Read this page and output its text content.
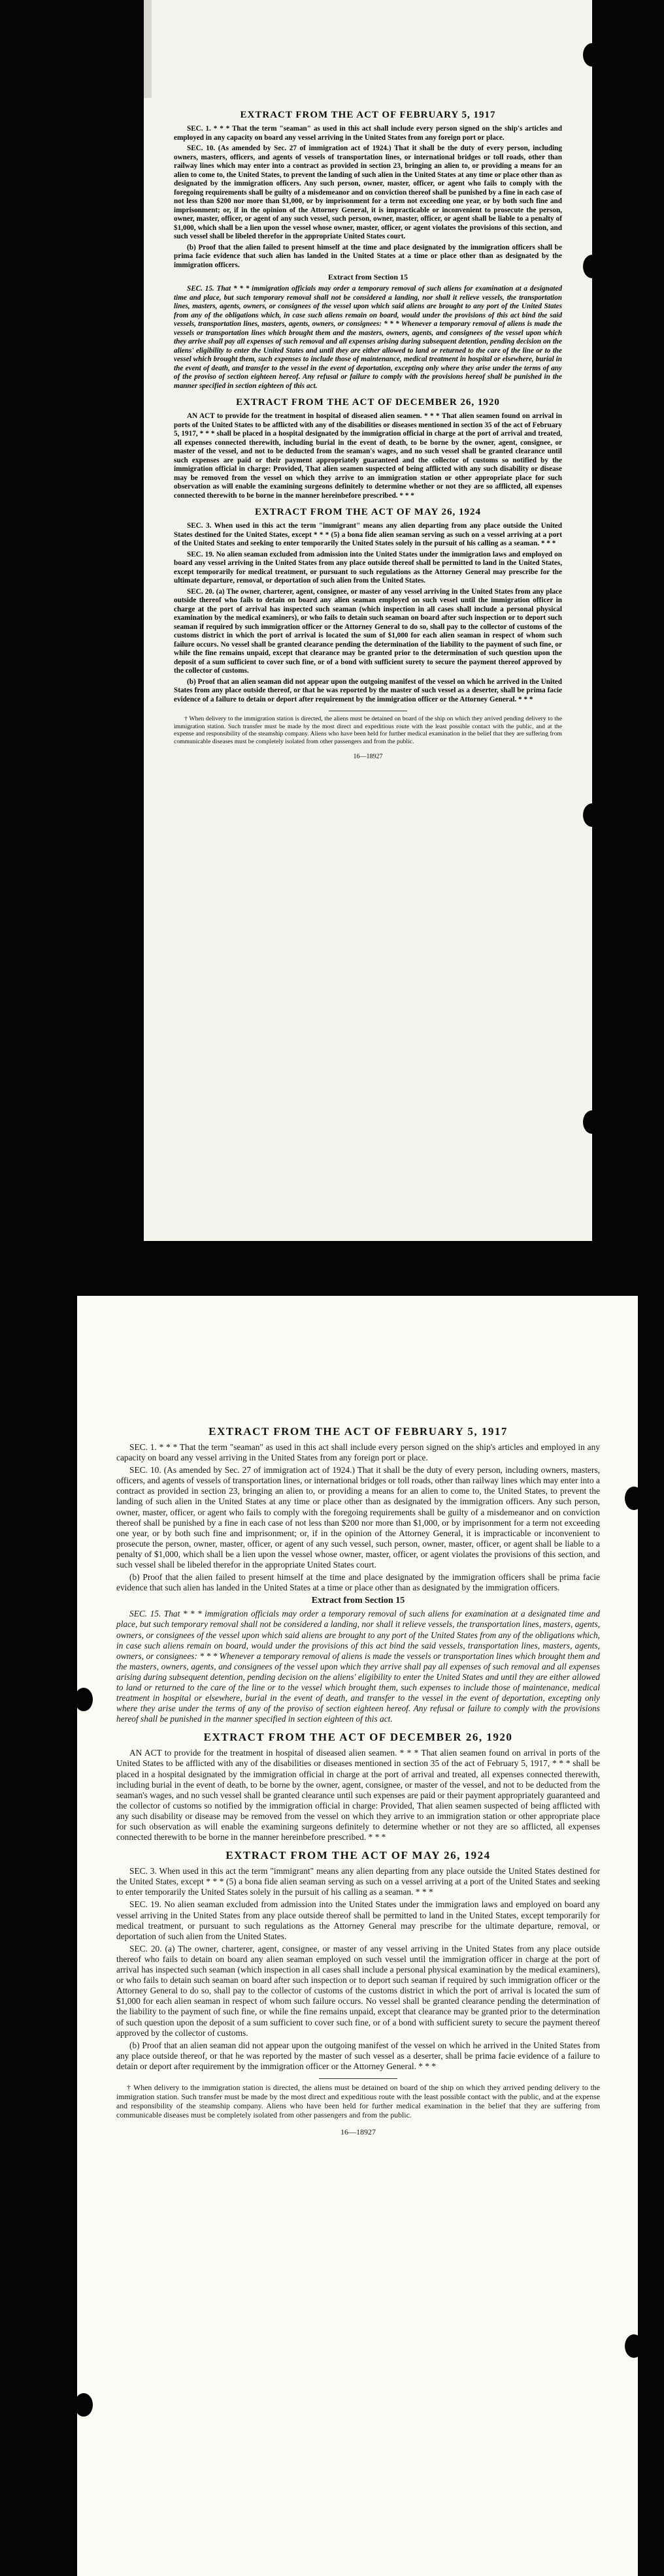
EXTRACT FROM THE ACT OF FEBRUARY 5, 1917

SEC. 1. * * * That the term "seaman" as used in this act shall include every person signed on the ship's articles and employed in any capacity on board any vessel arriving in the United States from any foreign port or place.

SEC. 10. (As amended by Sec. 27 of immigration act of 1924.) That it shall be the duty of every person, including owners, masters, officers, and agents of vessels of transportation lines, or international bridges or toll roads, other than railway lines which may enter into a contract as provided in section 23, bringing an alien to, or providing a means for an alien to come to, the United States, to prevent the landing of such alien in the United States at any time or place other than as designated by the immigration officers. Any such person, owner, master, officer, or agent who fails to comply with the foregoing requirements shall be guilty of a misdemeanor and on conviction thereof shall be punished by a fine in each case of not less than $200 nor more than $1,000, or by imprisonment for a term not exceeding one year, or by both such fine and imprisonment; or, if in the opinion of the Attorney General, it is impracticable or inconvenient to prosecute the person, owner, master, officer, or agent of any such vessel, such person, owner, master, officer, or agent shall be liable to a penalty of $1,000, which shall be a lien upon the vessel whose owner, master, officer, or agent violates the provisions of this section, and such vessel shall be libeled therefor in the appropriate United States court.

(b) Proof that the alien failed to present himself at the time and place designated by the immigration officers shall be prima facie evidence that such alien has landed in the United States at a time or place other than as designated by the immigration officers.

Extract from Section 15

SEC. 15. That * * * immigration officials may order a temporary removal of such aliens for examination at a designated time and place, but such temporary removal shall not be considered a landing, nor shall it relieve vessels, the transportation lines, masters, agents, owners, or consignees of the vessel upon which said aliens are brought to any port of the United States from any of the obligations which, in case such aliens remain on board, would under the provisions of this act bind the said vessels, transportation lines, masters, agents, owners, or consignees: * * * Whenever a temporary removal of aliens is made the vessels or transportation lines which brought them and the masters, owners, agents, and consignees of the vessel upon which they arrive shall pay all expenses of such removal and all expenses arising during subsequent detention, pending decision on the aliens' eligibility to enter the United States and until they are either allowed to land or returned to the care of the line or to the vessel which brought them, such expenses to include those of maintenance, medical treatment in hospital or elsewhere, burial in the event of death, and transfer to the vessel in the event of deportation, excepting only where they arise under the terms of any of the proviso of section eighteen hereof. Any refusal or failure to comply with the provisions hereof shall be punished in the manner specified in section eighteen of this act.

EXTRACT FROM THE ACT OF DECEMBER 26, 1920

AN ACT to provide for the treatment in hospital of diseased alien seamen. * * * That alien seamen found on arrival in ports of the United States to be afflicted with any of the disabilities or diseases mentioned in section 35 of the act of February 5, 1917, * * * shall be placed in a hospital designated by the immigration official in charge at the port of arrival and treated, all expenses connected therewith, including burial in the event of death, to be borne by the owner, agent, consignee, or master of the vessel, and not to be deducted from the seaman's wages, and no such vessel shall be granted clearance until such expenses are paid or their payment appropriately guaranteed and the collector of customs so notified by the immigration official in charge: Provided, That alien seamen suspected of being afflicted with any such disability or disease may be removed from the vessel on which they arrive to an immigration station or other appropriate place for such observation as will enable the examining surgeons definitely to determine whether or not they are so afflicted, all expenses connected therewith to be borne in the manner hereinbefore prescribed. * * *

EXTRACT FROM THE ACT OF MAY 26, 1924

SEC. 3. When used in this act the term "immigrant" means any alien departing from any place outside the United States destined for the United States, except * * * (5) a bona fide alien seaman serving as such on a vessel arriving at a port of the United States and seeking to enter temporarily the United States solely in the pursuit of his calling as a seaman. * * *

SEC. 19. No alien seaman excluded from admission into the United States under the immigration laws and employed on board any vessel arriving in the United States from any place outside thereof shall be permitted to land in the United States, except temporarily for medical treatment, or pursuant to such regulations as the Attorney General may prescribe for the ultimate departure, removal, or deportation of such alien from the United States.

SEC. 20. (a) The owner, charterer, agent, consignee, or master of any vessel arriving in the United States from any place outside thereof who fails to detain on board any alien seaman employed on such vessel until the immigration officer in charge at the port of arrival has inspected such seaman (which inspection in all cases shall include a personal physical examination by the medical examiners), or who fails to detain such seaman on board after such inspection or to deport such seaman if required by such immigration officer or the Attorney General to do so, shall pay to the collector of customs of the customs district in which the port of arrival is located the sum of $1,000 for each alien seaman in respect of whom such failure occurs. No vessel shall be granted clearance pending the determination of the liability to the payment of such fine, or while the fine remains unpaid, except that clearance may be granted prior to the determination of such question upon the deposit of a sum sufficient to cover such fine, or of a bond with sufficient surety to secure the payment thereof approved by the collector of customs.

(b) Proof that an alien seaman did not appear upon the outgoing manifest of the vessel on which he arrived in the United States from any place outside thereof, or that he was reported by the master of such vessel as a deserter, shall be prima facie evidence of a failure to detain or deport after requirement by the immigration officer or the Attorney General. * * *

† When delivery to the immigration station is directed, the aliens must be detained on board of the ship on which they arrived pending delivery to the immigration station. Such transfer must be made by the most direct and expeditious route with the least possible contact with the public, and at the expense and responsibility of the steamship company. Aliens who have been held for further medical examination in the belief that they are suffering from communicable diseases must be completely isolated from other passengers and from the public.

16—18927
EXTRACT FROM THE ACT OF FEBRUARY 5, 1917

SEC. 1. * * * That the term "seaman" as used in this act shall include every person signed on the ship's articles and employed in any capacity on board any vessel arriving in the United States from any foreign port or place.

SEC. 10. (As amended by Sec. 27 of immigration act of 1924.) That it shall be the duty of every person, including owners, masters, officers, and agents of vessels of transportation lines, or international bridges or toll roads, other than railway lines which may enter into a contract as provided in section 23, bringing an alien to, or providing a means for an alien to come to, the United States, to prevent the landing of such alien in the United States at any time or place other than as designated by the immigration officers. Any such person, owner, master, officer, or agent who fails to comply with the foregoing requirements shall be guilty of a misdemeanor and on conviction thereof shall be punished by a fine in each case of not less than $200 nor more than $1,000, or by imprisonment for a term not exceeding one year, or by both such fine and imprisonment; or, if in the opinion of the Attorney General, it is impracticable or inconvenient to prosecute the person, owner, master, officer, or agent of any such vessel, such person, owner, master, officer, or agent shall be liable to a penalty of $1,000, which shall be a lien upon the vessel whose owner, master, officer, or agent violates the provisions of this section, and such vessel shall be libeled therefor in the appropriate United States court.

(b) Proof that the alien failed to present himself at the time and place designated by the immigration officers shall be prima facie evidence that such alien has landed in the United States at a time or place other than as designated by the immigration officers.

Extract from Section 15

SEC. 15. That * * * immigration officials may order a temporary removal of such aliens for examination at a designated time and place, but such temporary removal shall not be considered a landing, nor shall it relieve vessels, the transportation lines, masters, agents, owners, or consignees of the vessel upon which said aliens are brought to any port of the United States from any of the obligations which, in case such aliens remain on board, would under the provisions of this act bind the said vessels, transportation lines, masters, agents, owners, or consignees: * * * Whenever a temporary removal of aliens is made the vessels or transportation lines which brought them and the masters, owners, agents, and consignees of the vessel upon which they arrive shall pay all expenses of such removal and all expenses arising during subsequent detention, pending decision on the aliens' eligibility to enter the United States and until they are either allowed to land or returned to the care of the line or to the vessel which brought them, such expenses to include those of maintenance, medical treatment in hospital or elsewhere, burial in the event of death, and transfer to the vessel in the event of deportation, excepting only where they arise under the terms of any of the proviso of section eighteen hereof. Any refusal or failure to comply with the provisions hereof shall be punished in the manner specified in section eighteen of this act.

EXTRACT FROM THE ACT OF DECEMBER 26, 1920

AN ACT to provide for the treatment in hospital of diseased alien seamen. * * * That alien seamen found on arrival in ports of the United States to be afflicted with any of the disabilities or diseases mentioned in section 35 of the act of February 5, 1917, * * * shall be placed in a hospital designated by the immigration official in charge at the port of arrival and treated, all expenses connected therewith, including burial in the event of death, to be borne by the owner, agent, consignee, or master of the vessel, and not to be deducted from the seaman's wages, and no such vessel shall be granted clearance until such expenses are paid or their payment appropriately guaranteed and the collector of customs so notified by the immigration official in charge: Provided, That alien seamen suspected of being afflicted with any such disability or disease may be removed from the vessel on which they arrive to an immigration station or other appropriate place for such observation as will enable the examining surgeons definitely to determine whether or not they are so afflicted, all expenses connected therewith to be borne in the manner hereinbefore prescribed. * * *

EXTRACT FROM THE ACT OF MAY 26, 1924

SEC. 3. When used in this act the term "immigrant" means any alien departing from any place outside the United States destined for the United States, except * * * (5) a bona fide alien seaman serving as such on a vessel arriving at a port of the United States and seeking to enter temporarily the United States solely in the pursuit of his calling as a seaman. * * *

SEC. 19. No alien seaman excluded from admission into the United States under the immigration laws and employed on board any vessel arriving in the United States from any place outside thereof shall be permitted to land in the United States, except temporarily for medical treatment, or pursuant to such regulations as the Attorney General may prescribe for the ultimate departure, removal, or deportation of such alien from the United States.

SEC. 20. (a) The owner, charterer, agent, consignee, or master of any vessel arriving in the United States from any place outside thereof who fails to detain on board any alien seaman employed on such vessel until the immigration officer in charge at the port of arrival has inspected such seaman (which inspection in all cases shall include a personal physical examination by the medical examiners), or who fails to detain such seaman on board after such inspection or to deport such seaman if required by such immigration officer or the Attorney General to do so, shall pay to the collector of customs of the customs district in which the port of arrival is located the sum of $1,000 for each alien seaman in respect of whom such failure occurs. No vessel shall be granted clearance pending the determination of the liability to the payment of such fine, or while the fine remains unpaid, except that clearance may be granted prior to the determination of such question upon the deposit of a sum sufficient to cover such fine, or of a bond with sufficient surety to secure the payment thereof approved by the collector of customs.

(b) Proof that an alien seaman did not appear upon the outgoing manifest of the vessel on which he arrived in the United States from any place outside thereof, or that he was reported by the master of such vessel as a deserter, shall be prima facie evidence of a failure to detain or deport after requirement by the immigration officer or the Attorney General. * * *

† When delivery to the immigration station is directed, the aliens must be detained on board of the ship on which they arrived pending delivery to the immigration station. Such transfer must be made by the most direct and expeditious route with the least possible contact with the public, and at the expense and responsibility of the steamship company. Aliens who have been held for further medical examination in the belief that they are suffering from communicable diseases must be completely isolated from other passengers and from the public.

16—18927
